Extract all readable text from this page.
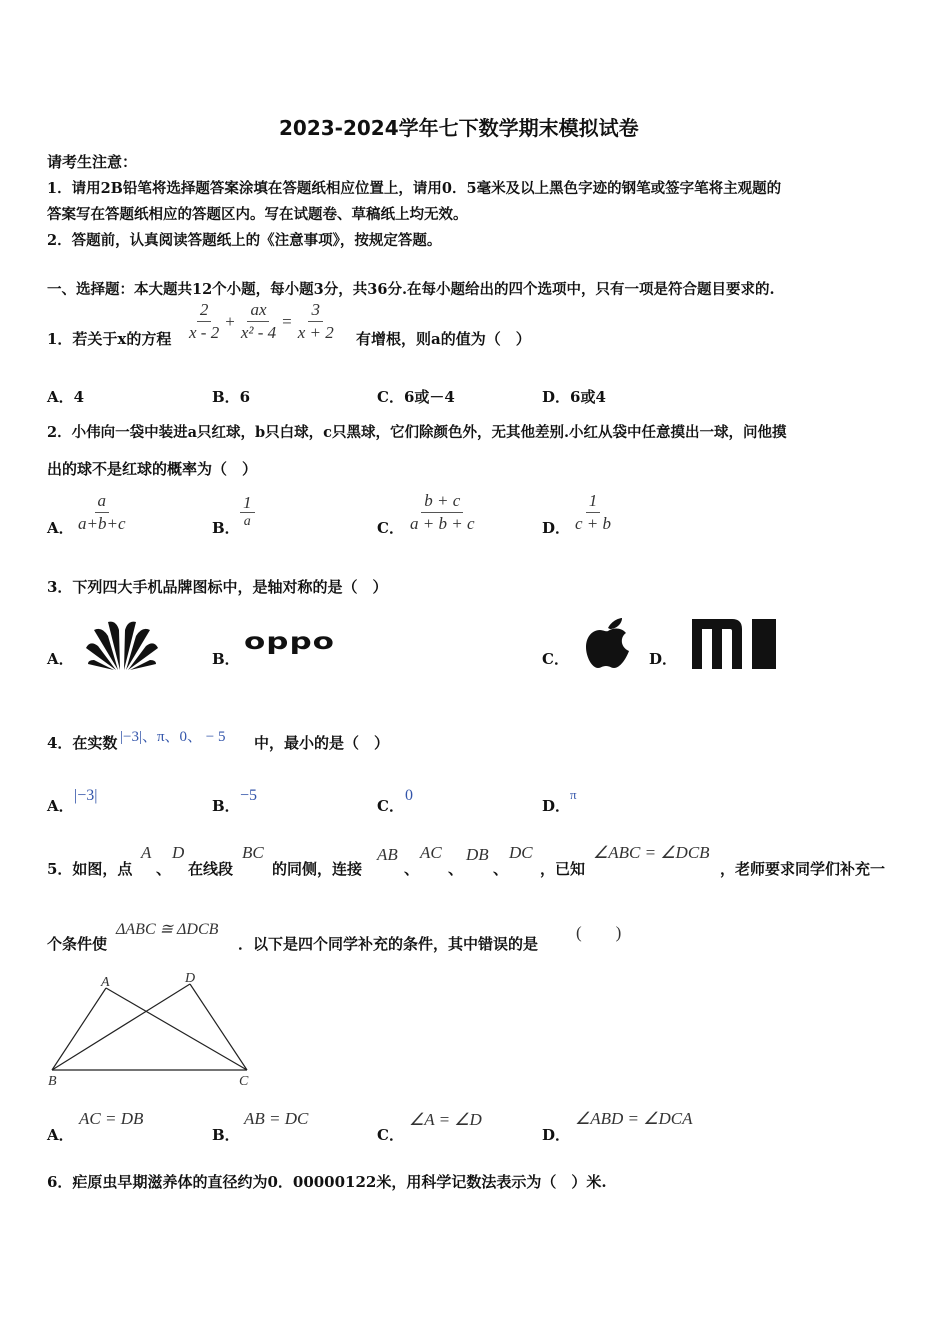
2023-2024学年七下数学期末模拟试卷
请考生注意：
1．请用2B铅笔将选择题答案涂填在答题纸相应位置上，请用0．5毫米及以上黑色字迹的钢笔或签字笔将主观题的
答案写在答题纸相应的答题区内。写在试题卷、草稿纸上均无效。
2．答题前，认真阅读答题纸上的《注意事项》，按规定答题。
一、选择题：本大题共12个小题，每小题3分，共36分.在每小题给出的四个选项中，只有一项是符合题目要求的.
1．若关于x的方程 $\frac{2}{x - 2} + \frac{ax}{\text{x² - 4}} = \frac{3}{x + 2}$ 有增根，则a的值为（　）
A．4	B．6	C．6或－4	D．6或4
2．小伟向一袋中装进a只红球，b只白球，c只黑球，它们除颜色外，无其他差别.小红从袋中任意摸出一球，问他摸
出的球不是红球的概率为（　）
A． $\frac{a}{a+b+c}$	B．
1
a	C． $\frac{b + c}{a + b + c}$	D． $\frac{1}{c + b}$
3．下列四大手机品牌图标中，是轴对称的是（　）
A．	B．
oppo
C．	D．
4．在实数 |−3|、π、0、 − 5 中，最小的是（　）
A．
|−3|
B．
−5
C．
0
D．
π
5．如图，点
A
、
D
在线段
BC
的同侧，连接
AB
、
AC
、
DB
、
DC
，已知
∠ABC = ∠DCB
，老师要求同学们补充一
个条件使
ΔABC ≅ ΔDCB
．以下是四个同学补充的条件，其中错误的是
(　　)
A	D
B	C
A．
AC = DB
B．
AB = DC
C．
∠A = ∠D
D．
∠ABD = ∠DCA
6．疟原虫早期滋养体的直径约为0．00000122米，用科学记数法表示为（　）米.
